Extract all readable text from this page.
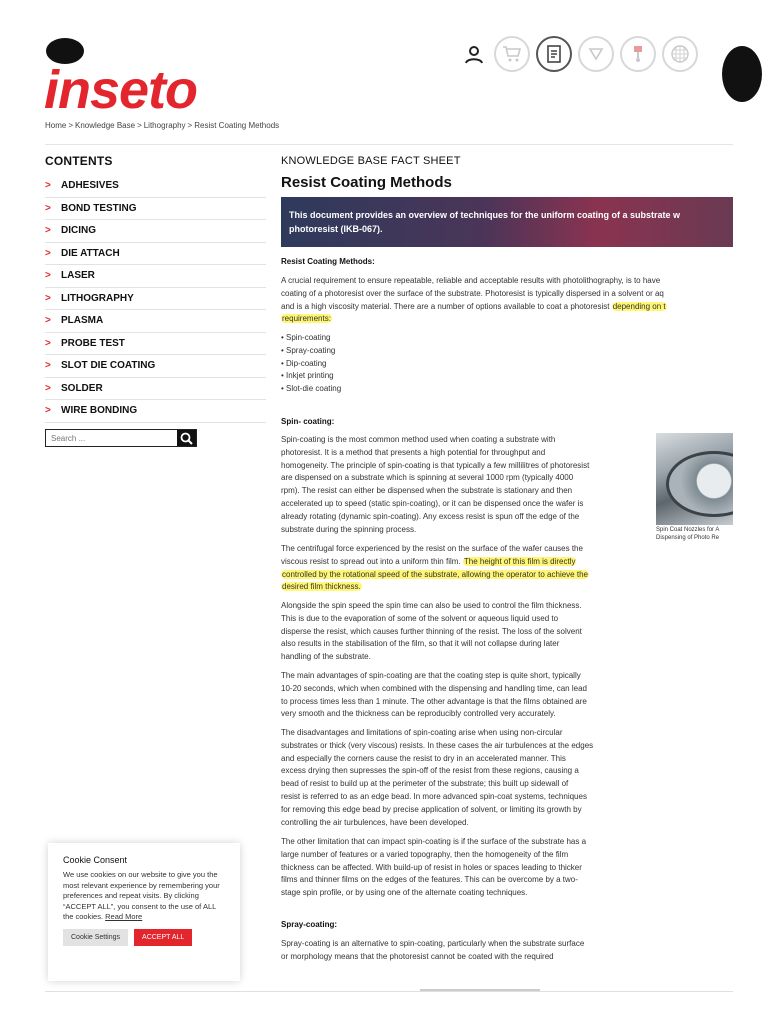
inseto
Home > Knowledge Base > Lithography > Resist Coating Methods
CONTENTS
>	ADHESIVES
>	BOND TESTING
>	DICING
>	DIE ATTACH
>	LASER
>	LITHOGRAPHY
>	PLASMA
>	PROBE TEST
>	SLOT DIE COATING
>	SOLDER
>	WIRE BONDING
Search ...
KNOWLEDGE BASE FACT SHEET
Resist Coating Methods
This document provides an overview of techniques for the uniform coating of a substrate w
photoresist (IKB-067).
Resist Coating Methods:
A crucial requirement to ensure repeatable, reliable and acceptable results with photolithography, is to have
coating of a photoresist over the surface of the substrate. Photoresist is typically dispersed in a solvent or aq
and is a high viscosity material. There are a number of options available to coat a photoresist depending on t
requirements:
• Spin-coating
• Spray-coating
• Dip-coating
• Inkjet printing
• Slot-die coating
Spin- coating:
Spin-coating is the most common method used when coating a substrate with
photoresist. It is a method that presents a high potential for throughput and
homogeneity. The principle of spin-coating is that typically a few millilitres of photoresist
are dispensed on a substrate which is spinning at several 1000 rpm (typically 4000
rpm). The resist can either be dispensed when the substrate is stationary and then
accelerated up to speed (static spin-coating), or it can be dispensed once the wafer is
already rotating (dynamic spin-coating). Any excess resist is spun off the edge of the
substrate during the spinning process.	Spin Coat Nozzles for A
Dispensing of Photo Re
The centrifugal force experienced by the resist on the surface of the wafer causes the
viscous resist to spread out into a uniform thin film. The height of this film is directly
controlled by the rotational speed of the substrate, allowing the operator to achieve the
desired film thickness.
Alongside the spin speed the spin time can also be used to control the film thickness.
This is due to the evaporation of some of the solvent or aqueous liquid used to
disperse the resist, which causes further thinning of the resist. The loss of the solvent
also results in the stabilisation of the film, so that it will not collapse during later
handling of the substrate.
The main advantages of spin-coating are that the coating step is quite short, typically
10-20 seconds, which when combined with the dispensing and handling time, can lead
to process times less than 1 minute. The other advantage is that the films obtained are
very smooth and the thickness can be reproducibly controlled very accurately.
The disadvantages and limitations of spin-coating arise when using non-circular
substrates or thick (very viscous) resists. In these cases the air turbulences at the edges
and especially the corners cause the resist to dry in an accelerated manner. This
excess drying then supresses the spin-off of the resist from these regions, causing a
bead of resist to build up at the perimeter of the substrate; this built up sidewall of
resist is referred to as an edge bead. In more advanced spin-coat systems, techniques
for removing this edge bead by precise application of solvent, or limiting its growth by
controlling the air turbulences, have been developed.
The other limitation that can impact spin-coating is if the surface of the substrate has a
large number of features or a varied topography, then the homogeneity of the film
thickness can be affected. With build-up of resist in holes or spaces leading to thicker
films and thinner films on the edges of the features. This can be overcome by a two-
stage spin profile, or by using one of the alternate coating techniques.
Spray-coating:
Spray-coating is an alternative to spin-coating, particularly when the substrate surface
or morphology means that the photoresist cannot be coated with the required
Cookie Consent
We use cookies on our website to give you the most relevant experience by remembering your preferences and repeat visits. By clicking “ACCEPT ALL”, you consent to the use of ALL the cookies. Read More
Cookie Settings	ACCEPT ALL
